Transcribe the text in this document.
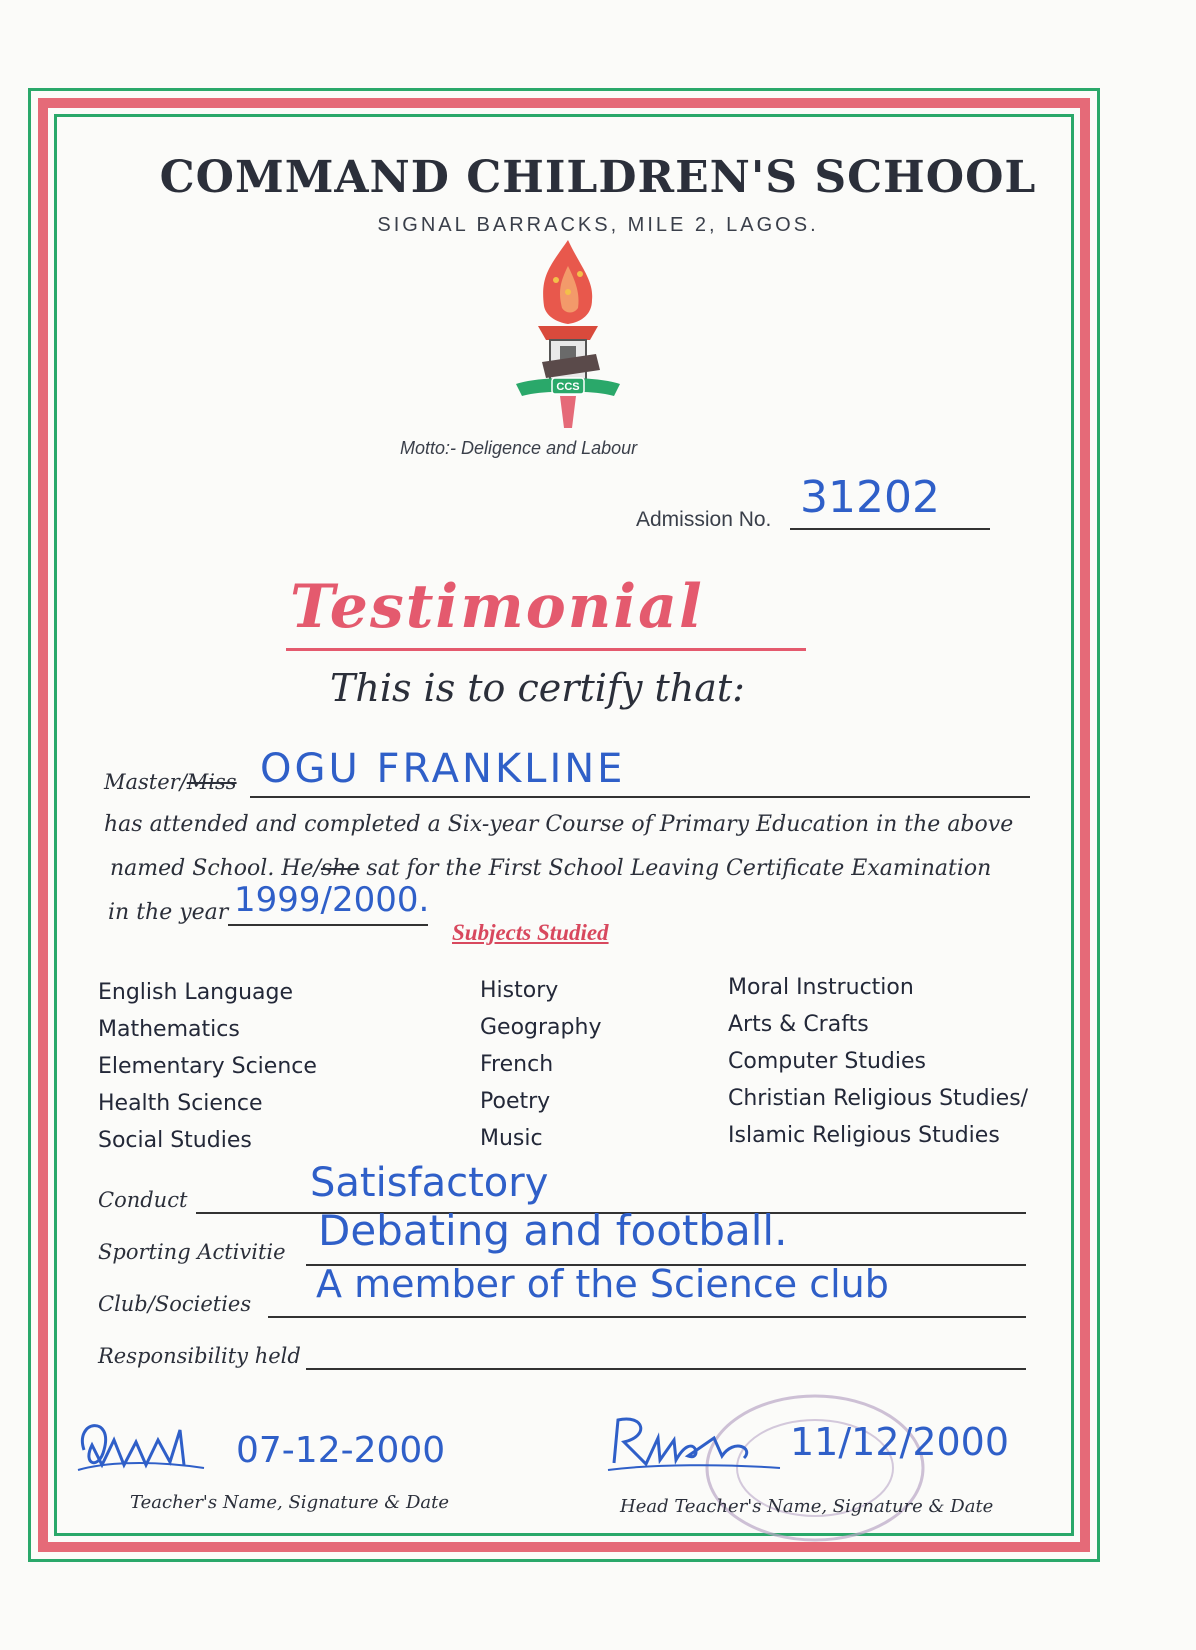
COMMAND CHILDREN'S SCHOOL
SIGNAL BARRACKS, MILE 2, LAGOS.
CCS
Motto:- Deligence and Labour
Admission No. 31202
Testimonial
This is to certify that:
Master/Miss OGU FRANKLINE
has attended and completed a Six-year Course of Primary Education in the above
named School. He/she sat for the First School Leaving Certificate Examination
in the year 1999/2000.
Subjects Studied
English Language
Mathematics
Elementary Science
Health Science
Social Studies
History
Geography
French
Poetry
Music
Moral Instruction
Arts & Crafts
Computer Studies
Christian Religious Studies/
Islamic Religious Studies
Conduct	Satisfactory
Sporting Activitie Debating and football.
Club/Societies A member of the Science club
Responsibility held
07-12-2000
Teacher's Name, Signature & Date
11/12/2000
Head Teacher's Name, Signature & Date
